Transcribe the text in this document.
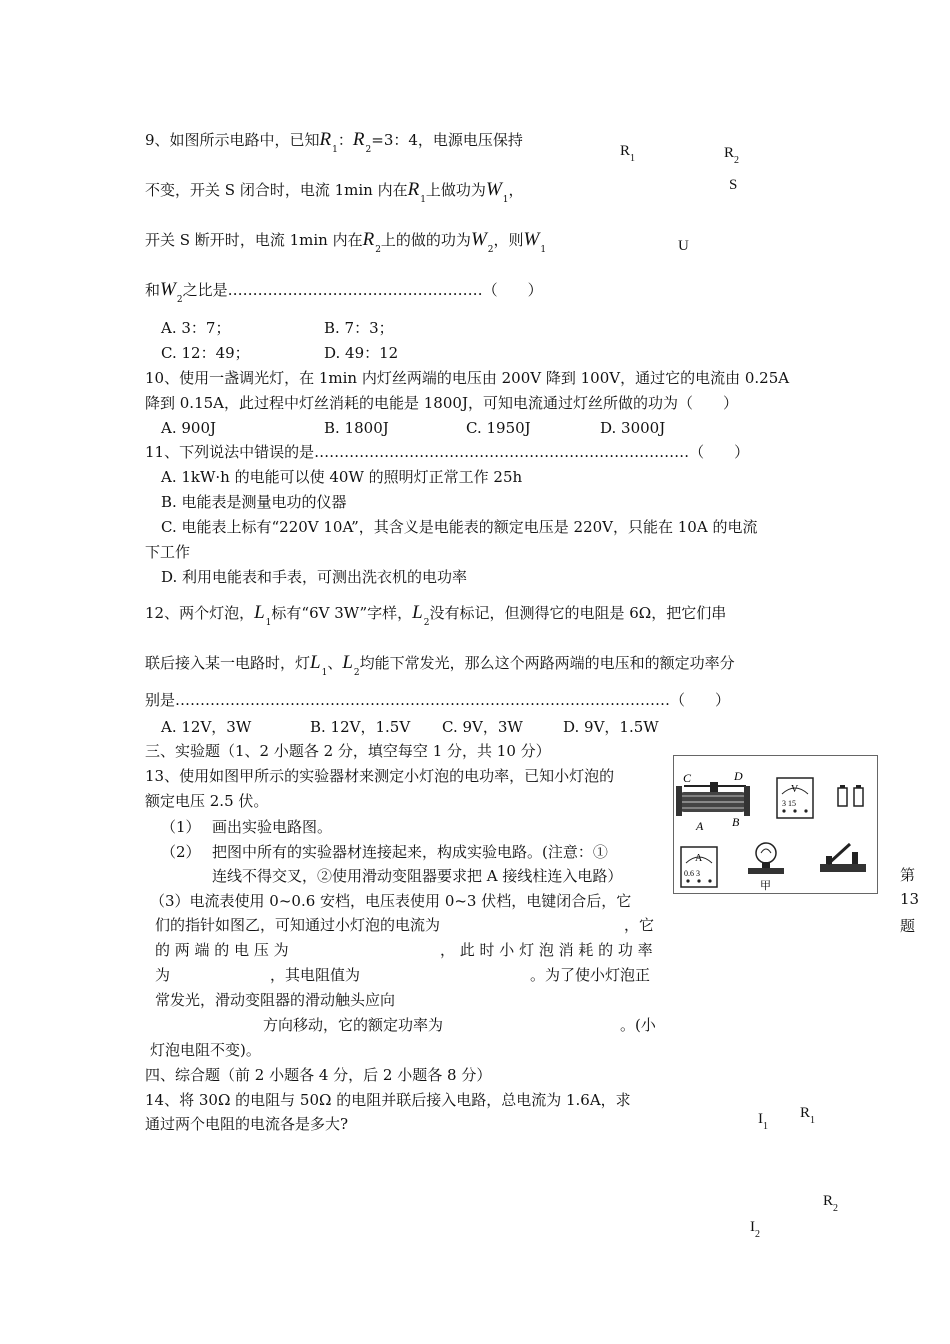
9、如图所示电路中，已知$R_1$：$R_2=3$：4，电源电压保持
不变，开关 S 闭合时，电流 1min 内在$R_1$上做功为$W_1$，
开关 S 断开时，电流 1min 内在$R_2$上的做的功为$W_2$，则$W_1$
和$W_2$之比是……………………………………………（　　）
A. 3：7；	B. 7：3；
C. 12：49；	D. 49：12
$R_1$	$R_2$
S
U
10、使用一盏调光灯，在 1min 内灯丝两端的电压由 200V 降到 100V，通过它的电流由 0.25A
降到 0.15A，此过程中灯丝消耗的电能是 1800J，可知电流通过灯丝所做的功为（　　）
A. 900J	B. 1800J	C. 1950J	D. 3000J
11、下列说法中错误的是…………………………………………………………………（　　）
A. 1kW·h 的电能可以使 40W 的照明灯正常工作 25h
B. 电能表是测量电功的仪器
C. 电能表上标有“220V 10A”，其含义是电能表的额定电压是 220V，只能在 10A 的电流
下工作
D. 利用电能表和手表，可测出洗衣机的电功率
12、两个灯泡，$L_1$标有“6V 3W”字样，$L_2$没有标记，但测得它的电阻是 6Ω，把它们串
联后接入某一电路时，灯$L_1$、$L_2$均能下常发光，那么这个两路两端的电压和的额定功率分
别是………………………………………………………………………………………（　　）
A. 12V，3W	B. 12V，1.5V C. 9V，3W	D. 9V，1.5W
三、实验题（1、2 小题各 2 分，填空每空 1 分，共 10 分）
13、使用如图甲所示的实验器材来测定小灯泡的电功率，已知小灯泡的
额定电压 2.5 伏。
（1） 画出实验电路图。
（2） 把图中所有的实验器材连接起来，构成实验电路。(注意：①
连线不得交叉，②使用滑动变阻器要求把 A 接线柱连入电路）
（3）电流表使用 0~0.6 安档，电压表使用 0~3 伏档，电键闭合后，它
们的指针如图乙，可知通过小灯泡的电流为	，它
的 两 端 的 电 压 为	， 此 时 小 灯 泡 消 耗 的 功 率
为	，其电阻值为	。为了使小灯泡正
常发光，滑动变阻器的滑动触头应向
方向移动，它的额定功率为	。(小
灯泡电阻不变)。
C	D
A B
V
3 15
A
0.6 3
甲
第
13
题
四、综合题（前 2 小题各 4 分，后 2 小题各 8 分）
14、将 30Ω 的电阻与 50Ω 的电阻并联后接入电路，总电流为 1.6A，求
通过两个电阻的电流各是多大?	$I_1$
$R_1$
$R_2$
$I_2$
